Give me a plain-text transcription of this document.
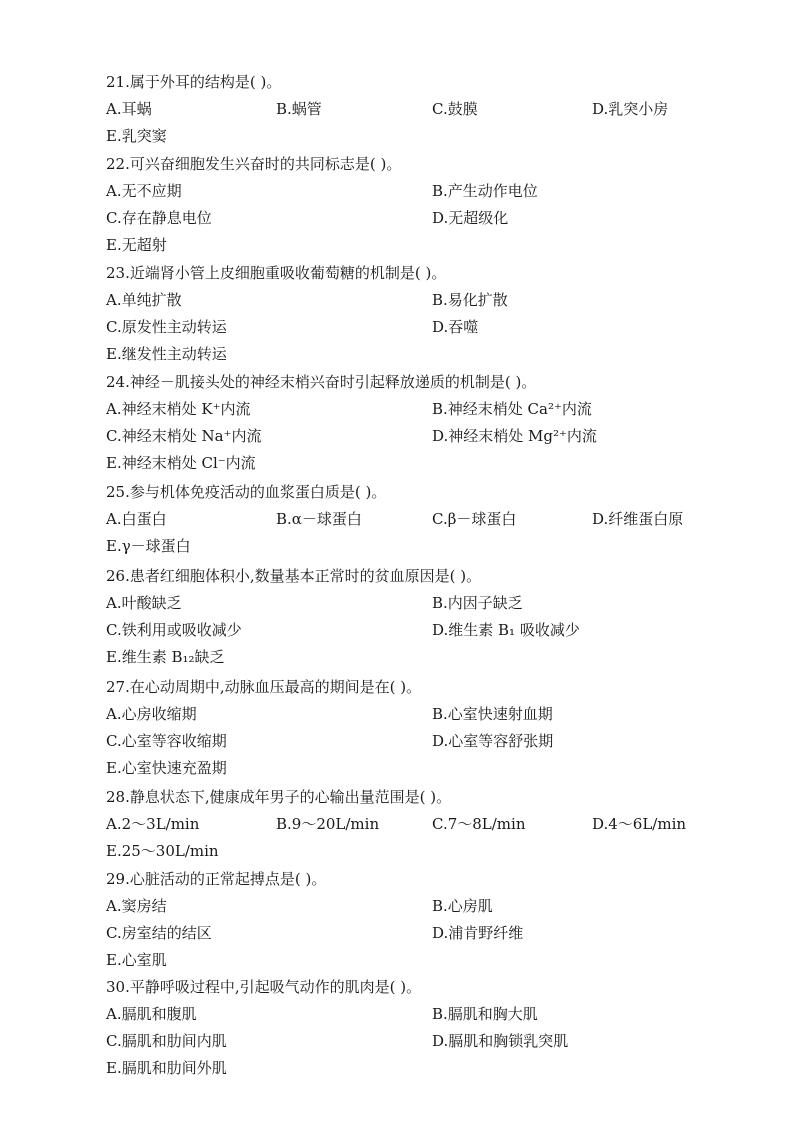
21.属于外耳的结构是( )。
A.耳蜗	B.蜗管	C.鼓膜	D.乳突小房
E.乳突窦
22.可兴奋细胞发生兴奋时的共同标志是( )。
A.无不应期	B.产生动作电位
C.存在静息电位	D.无超级化
E.无超射
23.近端肾小管上皮细胞重吸收葡萄糖的机制是( )。
A.单纯扩散	B.易化扩散
C.原发性主动转运	D.吞噬
E.继发性主动转运
24.神经－肌接头处的神经末梢兴奋时引起释放递质的机制是( )。
A.神经末梢处 K⁺内流	B.神经末梢处 Ca²⁺内流
C.神经末梢处 Na⁺内流	D.神经末梢处 Mg²⁺内流
E.神经末梢处 Cl⁻内流
25.参与机体免疫活动的血浆蛋白质是( )。
A.白蛋白	B.α－球蛋白	C.β－球蛋白	D.纤维蛋白原
E.γ－球蛋白
26.患者红细胞体积小,数量基本正常时的贫血原因是( )。
A.叶酸缺乏	B.内因子缺乏
C.铁利用或吸收减少	D.维生素 B₁ 吸收减少
E.维生素 B₁₂缺乏
27.在心动周期中,动脉血压最高的期间是在( )。
A.心房收缩期	B.心室快速射血期
C.心室等容收缩期	D.心室等容舒张期
E.心室快速充盈期
28.静息状态下,健康成年男子的心输出量范围是( )。
A.2～3L/min	B.9～20L/min	C.7～8L/min	D.4～6L/min
E.25～30L/min
29.心脏活动的正常起搏点是( )。
A.窦房结	B.心房肌
C.房室结的结区	D.浦肯野纤维
E.心室肌
30.平静呼吸过程中,引起吸气动作的肌肉是( )。
A.膈肌和腹肌	B.膈肌和胸大肌
C.膈肌和肋间内肌	D.膈肌和胸锁乳突肌
E.膈肌和肋间外肌
